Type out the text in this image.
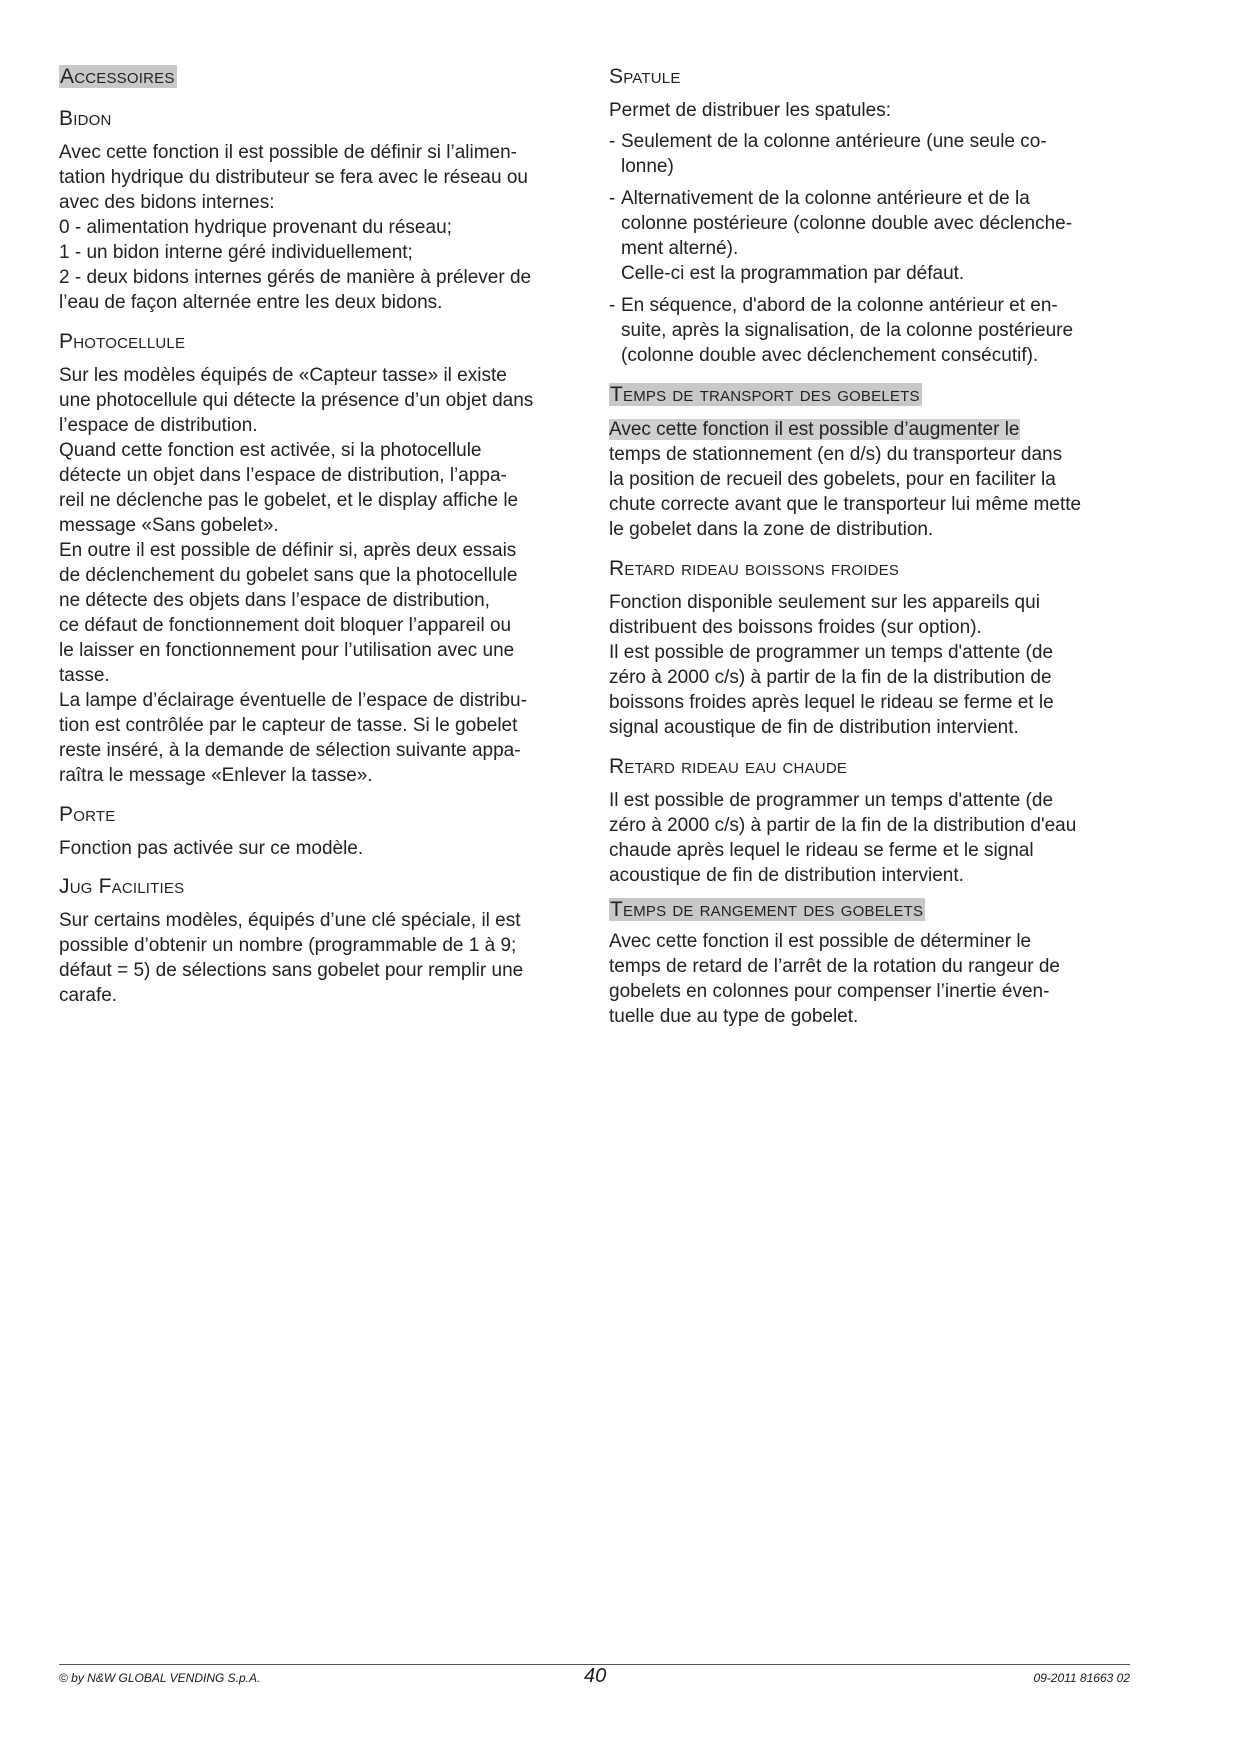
Accessoires
Bidon

Avec cette fonction il est possible de définir si l’alimen-
tation hydrique du distributeur se fera avec le réseau ou
avec des bidons internes:
0 - alimentation hydrique provenant du réseau;
1 - un bidon interne géré individuellement;
2 - deux bidons internes gérés de manière à prélever de
l’eau de façon alternée entre les deux bidons.

Photocellule

Sur les modèles équipés de «Capteur tasse» il existe
une photocellule qui détecte la présence d’un objet dans
l’espace de distribution.
Quand cette fonction est activée, si la photocellule
détecte un objet dans l’espace de distribution, l’appa-
reil ne déclenche pas le gobelet, et le display affiche le
message «Sans gobelet».
En outre il est possible de définir si, après deux essais
de déclenchement du gobelet sans que la photocellule
ne détecte des objets dans l’espace de distribution,
ce défaut de fonctionnement doit bloquer l’appareil ou
le laisser en fonctionnement pour l’utilisation avec une
tasse.
La lampe d’éclairage éventuelle de l’espace de distribu-
tion est contrôlée par le capteur de tasse. Si le gobelet
reste inséré, à la demande de sélection suivante appa-
raîtra le message «Enlever la tasse».

Porte

Fonction pas activée sur ce modèle.

Jug Facilities

Sur certains modèles, équipés d’une clé spéciale, il est
possible d’obtenir un nombre (programmable de 1 à 9;
défaut = 5) de sélections sans gobelet pour remplir une
carafe.

Spatule

Permet de distribuer les spatules:

- Seulement de la colonne antérieure (une seule co-
lonne)
- Alternativement de la colonne antérieure et de la
colonne postérieure (colonne double avec déclenche-
ment alterné).
Celle-ci est la programmation par défaut.
- En séquence, d'abord de la colonne antérieur et en-
suite, après la signalisation, de la colonne postérieure
(colonne double avec déclenchement consécutif).
Temps de transport des gobelets

Avec cette fonction il est possible d’augmenter le
temps de stationnement (en d/s) du transporteur dans
la position de recueil des gobelets, pour en faciliter la
chute correcte avant que le transporteur lui même mette
le gobelet dans la zone de distribution.

Retard rideau boissons froides

Fonction disponible seulement sur les appareils qui
distribuent des boissons froides (sur option).
Il est possible de programmer un temps d'attente (de
zéro à 2000 c/s) à partir de la fin de la distribution de
boissons froides après lequel le rideau se ferme et le
signal acoustique de fin de distribution intervient.

Retard rideau eau chaude

Il est possible de programmer un temps d'attente (de
zéro à 2000 c/s) à partir de la fin de la distribution d'eau
chaude après lequel le rideau se ferme et le signal
acoustique de fin de distribution intervient.

Temps de rangement des gobelets

Avec cette fonction il est possible de déterminer le
temps de retard de l’arrêt de la rotation du rangeur de
gobelets en colonnes pour compenser l’inertie éven-
tuelle due au type de gobelet.

© by N&W GLOBAL VENDING S.p.A.	40	09-2011 81663 02
